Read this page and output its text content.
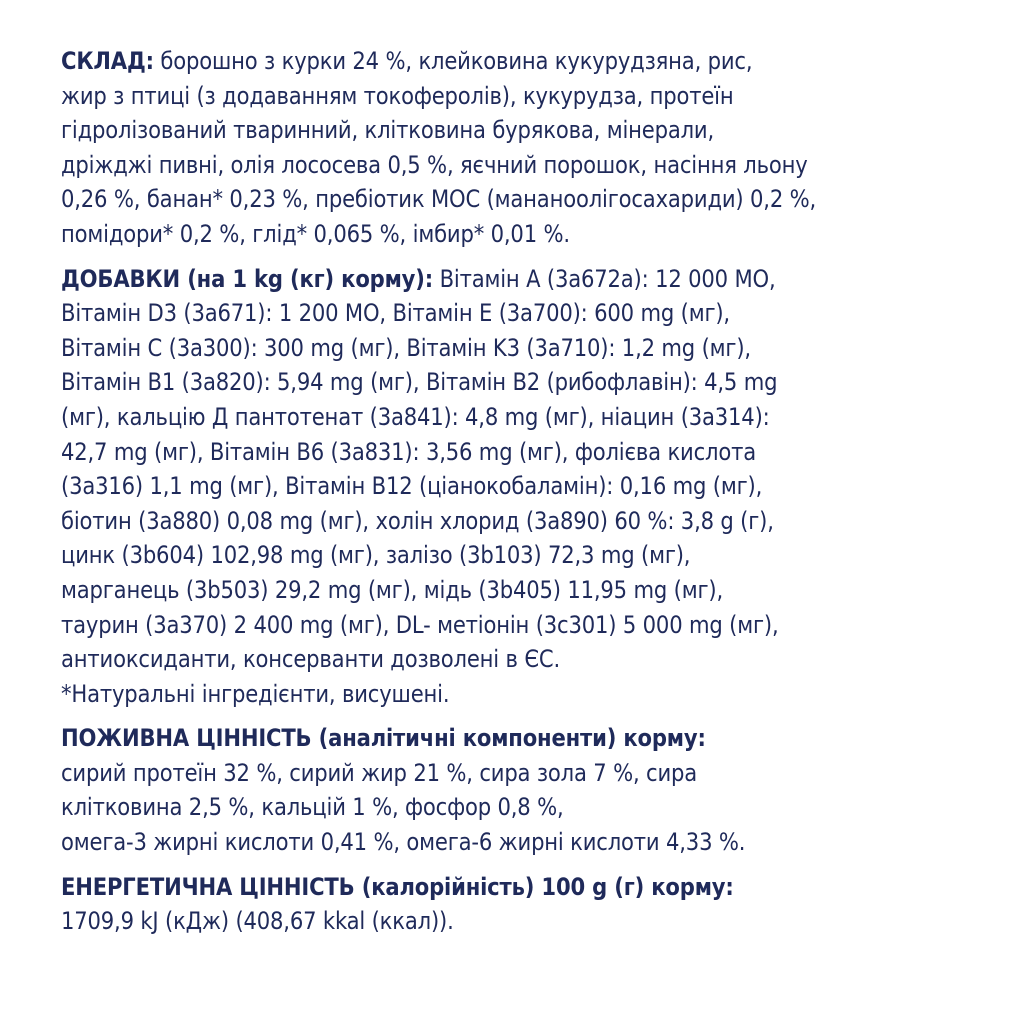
СКЛАД: борошно з курки 24 %, клейковина кукурудзяна, рис,
жир з птиці (з додаванням токоферолів), кукурудза, протеїн
гідролізований тваринний, клітковина бурякова, мінерали,
дріжджі пивні, олія лососева 0,5 %, яєчний порошок, насіння льону
0,26 %, банан* 0,23 %, пребіотик МОС (мананоолігосахариди) 0,2 %,
помідори* 0,2 %, глід* 0,065 %, імбир* 0,01 %.
ДОБАВКИ (на 1 kg (кг) корму): Вітамін A (3a672a): 12 000 МО,
Вітамін D3 (3a671): 1 200 МО, Вітамін E (3a700): 600 mg (мг),
Вітамін C (3a300): 300 mg (мг), Вітамін K3 (3a710): 1,2 mg (мг),
Вітамін B1 (3a820): 5,94 mg (мг), Вітамін B2 (рибофлавін): 4,5 mg
(мг), кальцію Д пантотенат (3a841): 4,8 mg (мг), ніацин (3a314):
42,7 mg (мг), Вітамін B6 (3a831): 3,56 mg (мг), фолієва кислота
(3a316) 1,1 mg (мг), Вітамін B12 (ціанокобаламін): 0,16 mg (мг),
біотин (3a880) 0,08 mg (мг), холін хлорид (3a890) 60 %: 3,8 g (г),
цинк (3b604) 102,98 mg (мг), залізо (3b103) 72,3 mg (мг),
марганець (3b503) 29,2 mg (мг), мідь (3b405) 11,95 mg (мг),
таурин (3a370) 2 400 mg (мг), DL- метіонін (3c301) 5 000 mg (мг),
антиоксиданти, консерванти дозволені в ЄС.
*Натуральні інгредієнти, висушені.
ПОЖИВНА ЦІННІСТЬ (аналітичні компоненти) корму:
сирий протеїн 32 %, сирий жир 21 %, сира зола 7 %, сира
клітковина 2,5 %, кальцій 1 %, фосфор 0,8 %,
омега-3 жирні кислоти 0,41 %, омега-6 жирні кислоти 4,33 %.
ЕНЕРГЕТИЧНА ЦІННІСТЬ (калорійність) 100 g (г) корму:
1709,9 kJ (кДж) (408,67 kkal (ккал)).
